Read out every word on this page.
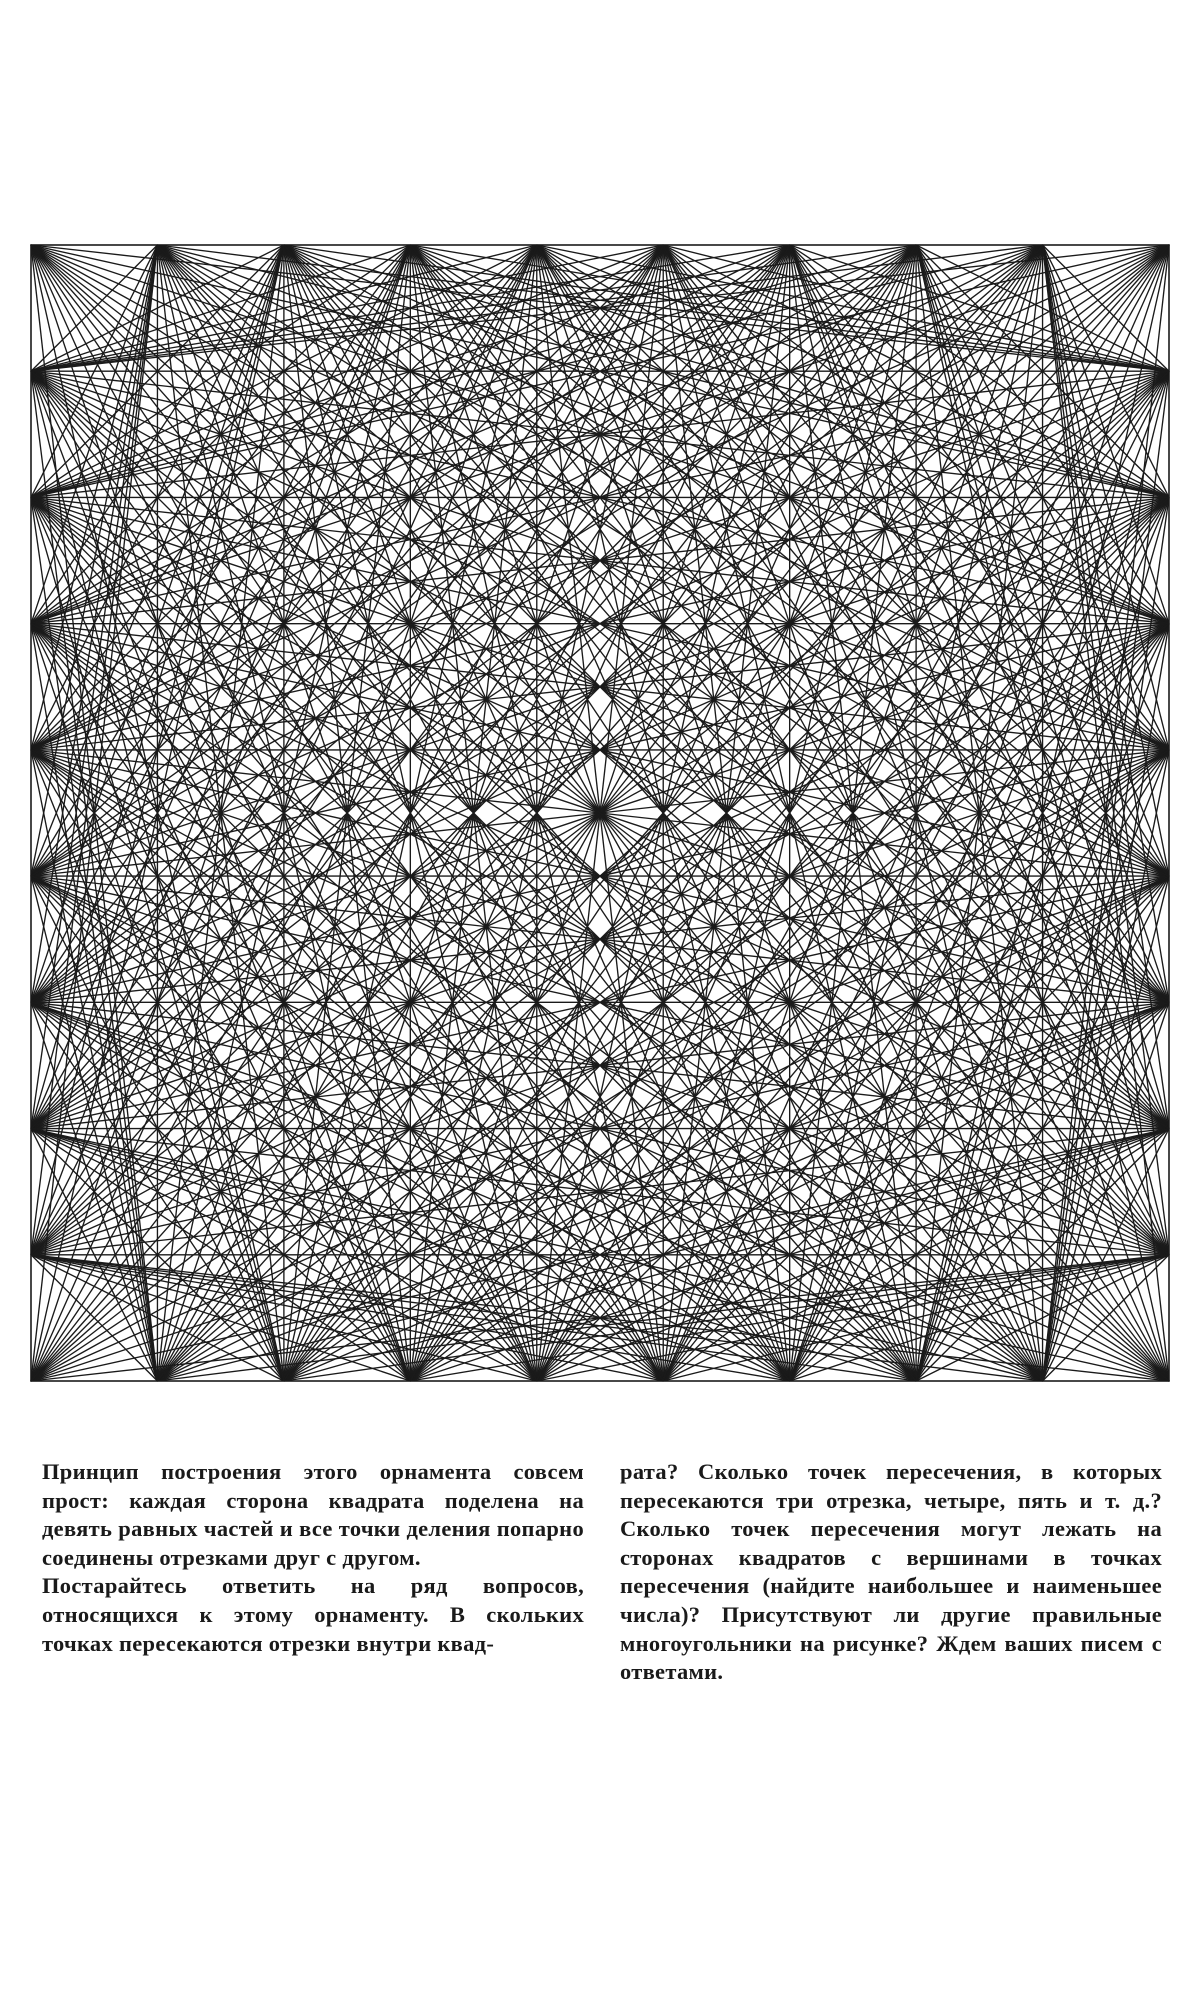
Принцип построения этого орнамента совсем прост: каждая сторона квадрата поделена на девять равных частей и все точки деления попарно соединены отрезками друг с другом.

Постарайтесь ответить на ряд вопросов, относящихся к этому орнаменту. В скольких точках пересекаются отрезки внутри квад-

рата? Сколько точек пересечения, в которых пересекаются три отрезка, четыре, пять и т. д.? Сколько точек пересечения могут лежать на сторонах квадратов с вершинами в точках пересечения (найдите наибольшее и наименьшее числа)? Присутствуют ли другие правильные многоугольники на рисунке? Ждем ваших писем с ответами.
